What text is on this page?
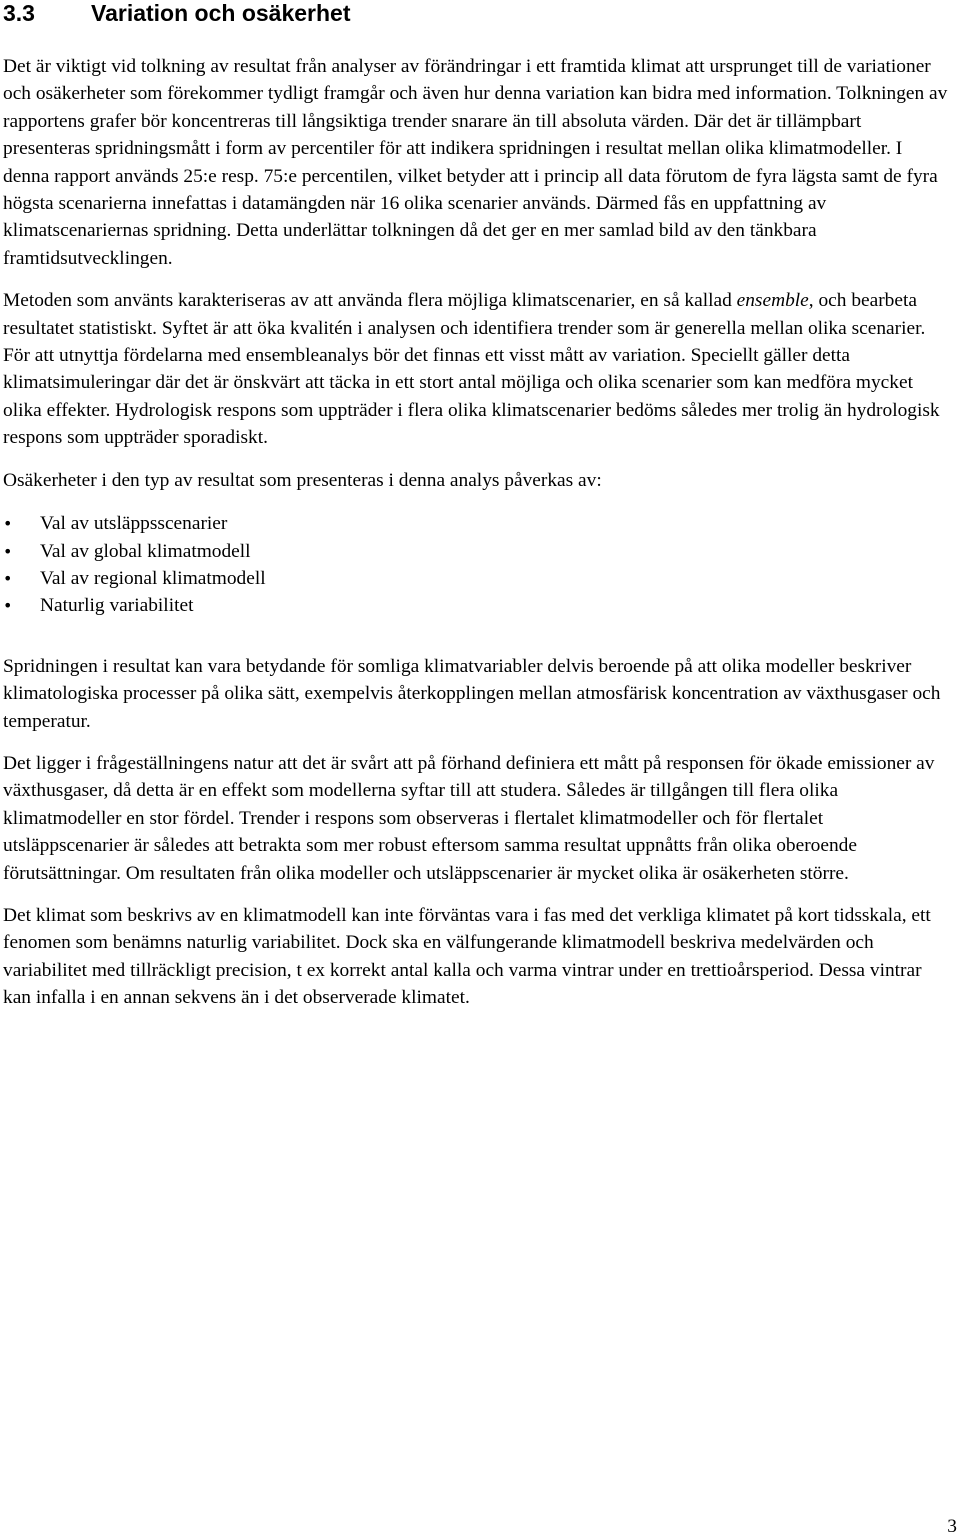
3.3	Variation och osäkerhet

Det är viktigt vid tolkning av resultat från analyser av förändringar i ett framtida klimat att ursprunget till de variationer och osäkerheter som förekommer tydligt framgår och även hur denna variation kan bidra med information. Tolkningen av rapportens grafer bör koncentreras till långsiktiga trender snarare än till absoluta värden. Där det är tillämpbart presenteras spridningsmått i form av percentiler för att indikera spridningen i resultat mellan olika klimatmodeller. I denna rapport används 25:e resp. 75:e percentilen, vilket betyder att i princip all data förutom de fyra lägsta samt de fyra högsta scenarierna innefattas i datamängden när 16 olika scenarier används. Därmed fås en uppfattning av klimatscenariernas spridning. Detta underlättar tolkningen då det ger en mer samlad bild av den tänkbara framtidsutvecklingen.

Metoden som använts karakteriseras av att använda flera möjliga klimatscenarier, en så kallad ensemble, och bearbeta resultatet statistiskt. Syftet är att öka kvalitén i analysen och identifiera trender som är generella mellan olika scenarier. För att utnyttja fördelarna med ensembleanalys bör det finnas ett visst mått av variation. Speciellt gäller detta klimatsimuleringar där det är önskvärt att täcka in ett stort antal möjliga och olika scenarier som kan medföra mycket olika effekter. Hydrologisk respons som uppträder i flera olika klimatscenarier bedöms således mer trolig än hydrologisk respons som uppträder sporadiskt.

Osäkerheter i den typ av resultat som presenteras i denna analys påverkas av:

•	Val av utsläppsscenarier
•	Val av global klimatmodell
•	Val av regional klimatmodell
•	Naturlig variabilitet

Spridningen i resultat kan vara betydande för somliga klimatvariabler delvis beroende på att olika modeller beskriver klimatologiska processer på olika sätt, exempelvis återkopplingen mellan atmosfärisk koncentration av växthusgaser och temperatur.

Det ligger i frågeställningens natur att det är svårt att på förhand definiera ett mått på responsen för ökade emissioner av växthusgaser, då detta är en effekt som modellerna syftar till att studera. Således är tillgången till flera olika klimatmodeller en stor fördel. Trender i respons som observeras i flertalet klimatmodeller och för flertalet utsläppscenarier är således att betrakta som mer robust eftersom samma resultat uppnåtts från olika oberoende förutsättningar. Om resultaten från olika modeller och utsläppscenarier är mycket olika är osäkerheten större.

Det klimat som beskrivs av en klimatmodell kan inte förväntas vara i fas med det verkliga klimatet på kort tidsskala, ett fenomen som benämns naturlig variabilitet. Dock ska en välfungerande klimatmodell beskriva medelvärden och variabilitet med tillräckligt precision, t ex korrekt antal kalla och varma vintrar under en trettioårsperiod. Dessa vintrar kan infalla i en annan sekvens än i det observerade klimatet.

3
